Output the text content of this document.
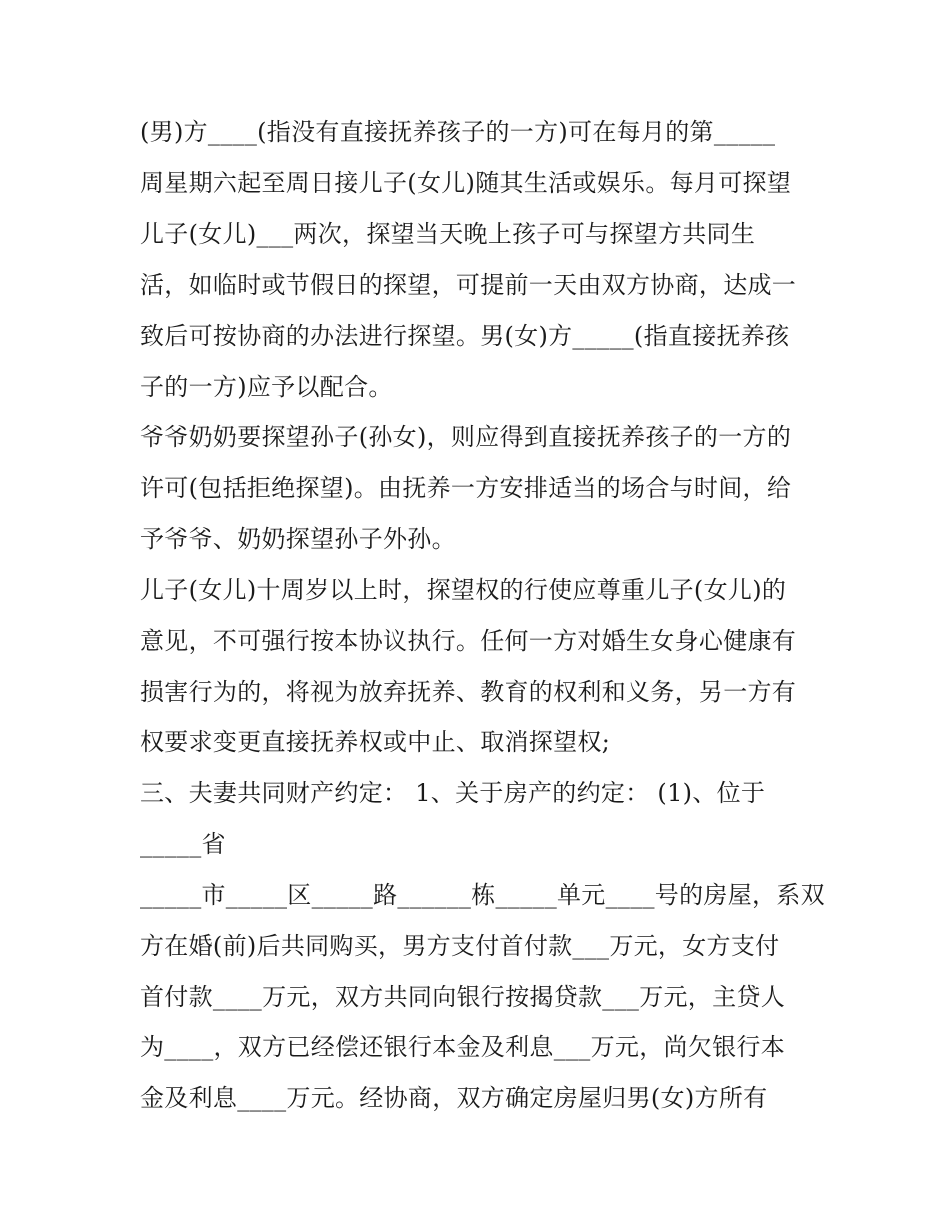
(男)方____(指没有直接抚养孩子的一方)可在每月的第_____
周星期六起至周日接儿子(女儿)随其生活或娱乐。每月可探望
儿子(女儿)___两次，探望当天晚上孩子可与探望方共同生
活，如临时或节假日的探望，可提前一天由双方协商，达成一
致后可按协商的办法进行探望。男(女)方_____(指直接抚养孩
子的一方)应予以配合。
爷爷奶奶要探望孙子(孙女)，则应得到直接抚养孩子的一方的
许可(包括拒绝探望)。由抚养一方安排适当的场合与时间，给
予爷爷、奶奶探望孙子外孙。
儿子(女儿)十周岁以上时，探望权的行使应尊重儿子(女儿)的
意见，不可强行按本协议执行。任何一方对婚生女身心健康有
损害行为的，将视为放弃抚养、教育的权利和义务，另一方有
权要求变更直接抚养权或中止、取消探望权;
三、夫妻共同财产约定： 1、关于房产的约定： (1)、位于
_____省
_____市_____区_____路______栋_____单元____号的房屋，系双
方在婚(前)后共同购买，男方支付首付款___万元，女方支付
首付款____万元，双方共同向银行按揭贷款___万元，主贷人
为____，双方已经偿还银行本金及利息___万元，尚欠银行本
金及利息____万元。经协商，双方确定房屋归男(女)方所有
